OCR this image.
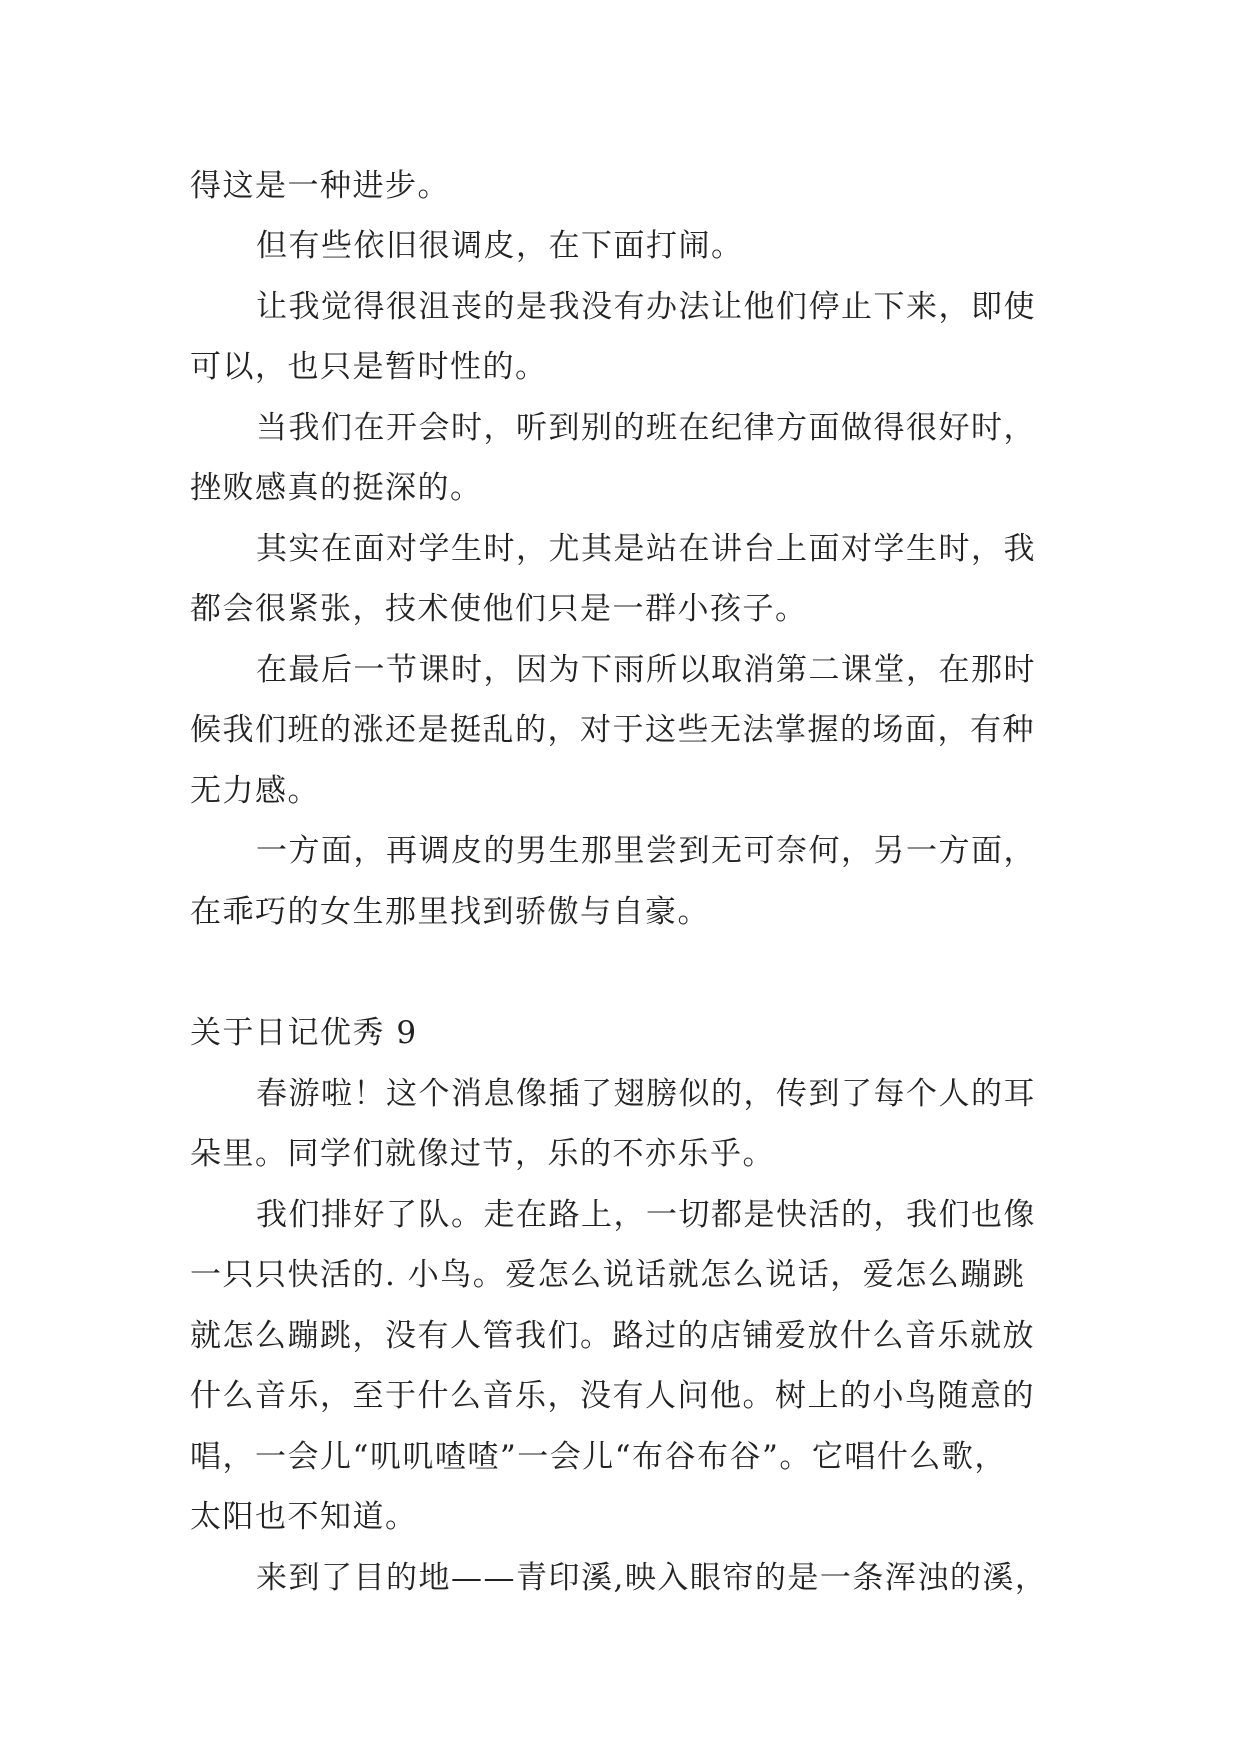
得这是一种进步。
但有些依旧很调皮，在下面打闹。
让我觉得很沮丧的是我没有办法让他们停止下来，即使
可以，也只是暂时性的。
当我们在开会时，听到别的班在纪律方面做得很好时，
挫败感真的挺深的。
其实在面对学生时，尤其是站在讲台上面对学生时，我
都会很紧张，技术使他们只是一群小孩子。
在最后一节课时，因为下雨所以取消第二课堂，在那时
候我们班的涨还是挺乱的，对于这些无法掌握的场面，有种
无力感。
一方面，再调皮的男生那里尝到无可奈何，另一方面，
在乖巧的女生那里找到骄傲与自豪。
关于日记优秀 9
春游啦！这个消息像插了翅膀似的，传到了每个人的耳
朵里。同学们就像过节，乐的不亦乐乎。
我们排好了队。走在路上，一切都是快活的，我们也像
一只只快活的. 小鸟。爱怎么说话就怎么说话，爱怎么蹦跳
就怎么蹦跳，没有人管我们。路过的店铺爱放什么音乐就放
什么音乐，至于什么音乐，没有人问他。树上的小鸟随意的
唱，一会儿“叽叽喳喳”一会儿“布谷布谷”。它唱什么歌，
太阳也不知道。
来到了目的地——青印溪,映入眼帘的是一条浑浊的溪，
